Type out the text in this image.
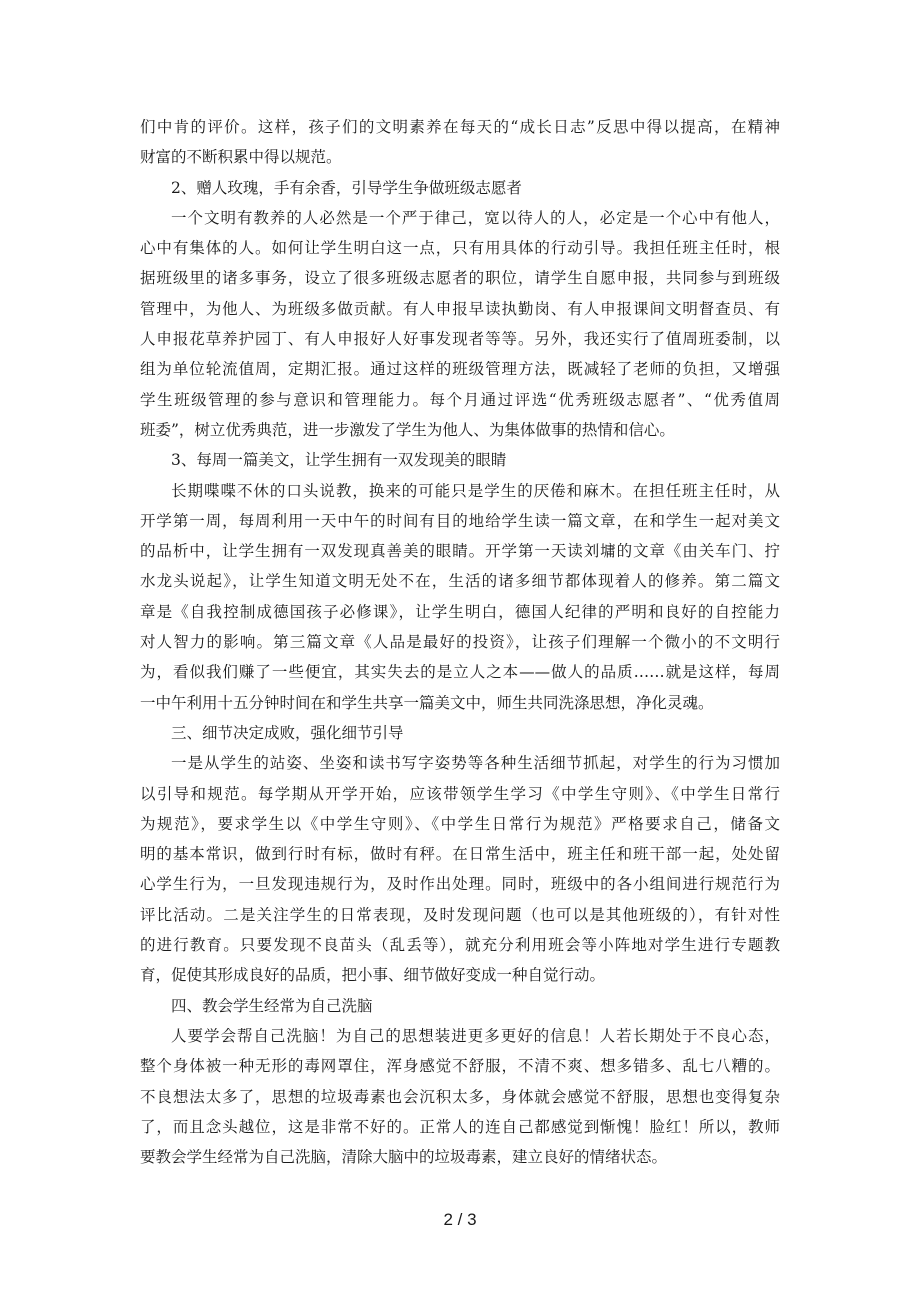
们中肯的评价。这样，孩子们的文明素养在每天的“成长日志”反思中得以提高，在精神
财富的不断积累中得以规范。
2、赠人玫瑰，手有余香，引导学生争做班级志愿者
一个文明有教养的人必然是一个严于律己，宽以待人的人，必定是一个心中有他人，
心中有集体的人。如何让学生明白这一点，只有用具体的行动引导。我担任班主任时，根
据班级里的诸多事务，设立了很多班级志愿者的职位，请学生自愿申报，共同参与到班级
管理中，为他人、为班级多做贡献。有人申报早读执勤岗、有人申报课间文明督查员、有
人申报花草养护园丁、有人申报好人好事发现者等等。另外，我还实行了值周班委制，以
组为单位轮流值周，定期汇报。通过这样的班级管理方法，既减轻了老师的负担，又增强
学生班级管理的参与意识和管理能力。每个月通过评选“优秀班级志愿者”、“优秀值周
班委”，树立优秀典范，进一步激发了学生为他人、为集体做事的热情和信心。
3、每周一篇美文，让学生拥有一双发现美的眼睛
长期喋喋不休的口头说教，换来的可能只是学生的厌倦和麻木。在担任班主任时，从
开学第一周，每周利用一天中午的时间有目的地给学生读一篇文章，在和学生一起对美文
的品析中，让学生拥有一双发现真善美的眼睛。开学第一天读刘墉的文章《由关车门、拧
水龙头说起》，让学生知道文明无处不在，生活的诸多细节都体现着人的修养。第二篇文
章是《自我控制成德国孩子必修课》，让学生明白，德国人纪律的严明和良好的自控能力
对人智力的影响。第三篇文章《人品是最好的投资》，让孩子们理解一个微小的不文明行
为，看似我们赚了一些便宜，其实失去的是立人之本——做人的品质……就是这样，每周
一中午利用十五分钟时间在和学生共享一篇美文中，师生共同洗涤思想，净化灵魂。
三、细节决定成败，强化细节引导
一是从学生的站姿、坐姿和读书写字姿势等各种生活细节抓起，对学生的行为习惯加
以引导和规范。每学期从开学开始，应该带领学生学习《中学生守则》、《中学生日常行
为规范》，要求学生以《中学生守则》、《中学生日常行为规范》严格要求自己，储备文
明的基本常识，做到行时有标，做时有秤。在日常生活中，班主任和班干部一起，处处留
心学生行为，一旦发现违规行为，及时作出处理。同时，班级中的各小组间进行规范行为
评比活动。二是关注学生的日常表现，及时发现问题（也可以是其他班级的），有针对性
的进行教育。只要发现不良苗头（乱丢等），就充分利用班会等小阵地对学生进行专题教
育，促使其形成良好的品质，把小事、细节做好变成一种自觉行动。
四、教会学生经常为自己洗脑
人要学会帮自己洗脑！为自己的思想装进更多更好的信息！人若长期处于不良心态，
整个身体被一种无形的毒网罩住，浑身感觉不舒服，不清不爽、想多错多、乱七八糟的。
不良想法太多了，思想的垃圾毒素也会沉积太多，身体就会感觉不舒服，思想也变得复杂
了，而且念头越位，这是非常不好的。正常人的连自己都感觉到惭愧！脸红！所以，教师
要教会学生经常为自己洗脑，清除大脑中的垃圾毒素，建立良好的情绪状态。
2 / 3
